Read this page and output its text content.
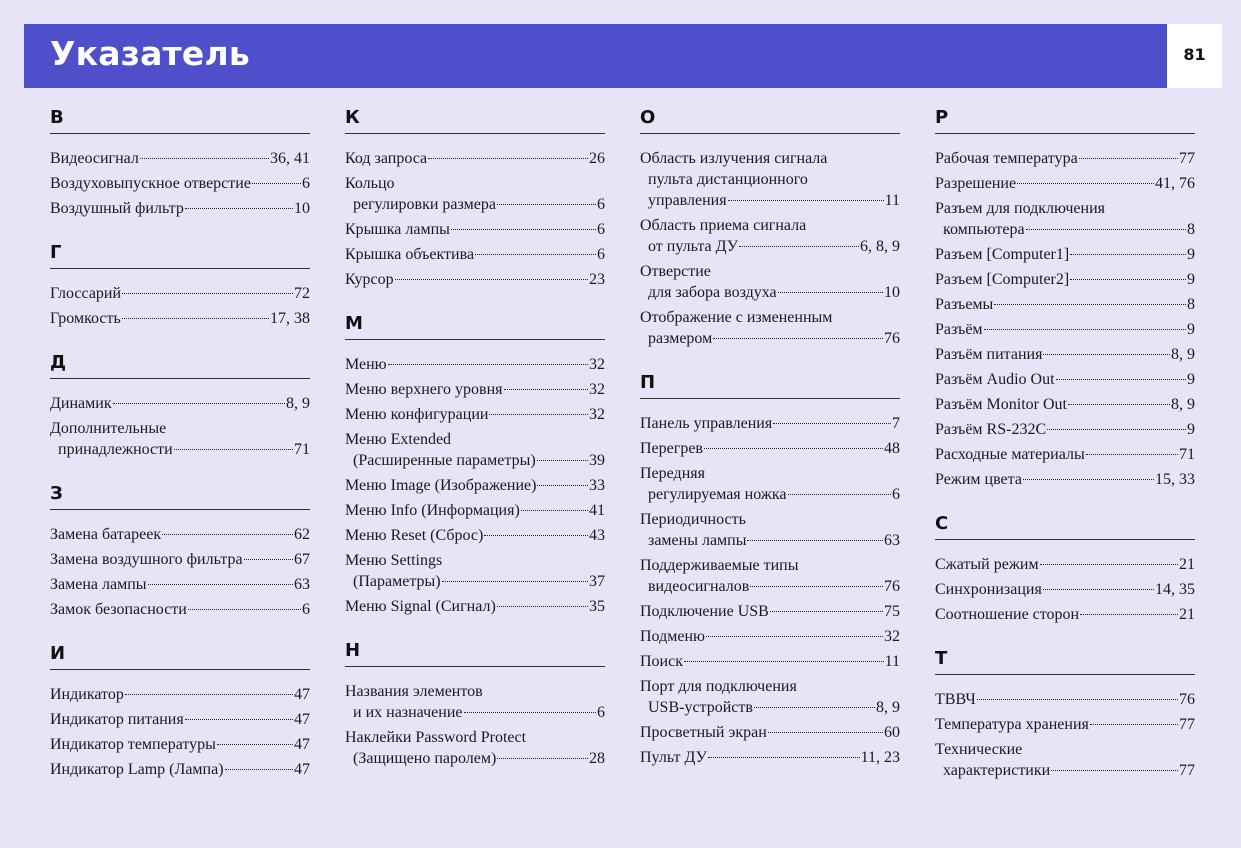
Указатель	81
В
Видеосигнал	36, 41
Воздуховыпускное отверстие	6
Воздушный фильтр	10
Г
Глоссарий	72
Громкость	17, 38
Д
Динамик	8, 9
Дополнительные
принадлежности	71
З
Замена батареек	62
Замена воздушного фильтра	67
Замена лампы	63
Замок безопасности	6
И
Индикатор	47
Индикатор питания	47
Индикатор температуры	47
Индикатор Lamp (Лампа)	47
К
Код запроса	26
Кольцо
регулировки размера	6
Крышка лампы	6
Крышка объектива	6
Курсор	23
М
Меню	32
Меню верхнего уровня	32
Меню конфигурации	32
Меню Extended
(Расширенные параметры)	39
Меню Image (Изображение)	33
Меню Info (Информация)	41
Меню Reset (Сброс)	43
Меню Settings
(Параметры)	37
Меню Signal (Сигнал)	35
Н
Названия элементов
и их назначение	6
Наклейки Password Protect
(Защищено паролем)	28
О
Область излучения сигнала
пульта дистанционного
управления	11
Область приема сигнала
от пульта ДУ	6, 8, 9
Отверстие
для забора воздуха	10
Отображение с измененным
размером	76
П
Панель управления	7
Перегрев	48
Передняя
регулируемая ножка	6
Периодичность
замены лампы	63
Поддерживаемые типы
видеосигналов	76
Подключение USB	75
Подменю	32
Поиск	11
Порт для подключения
USB-устройств	8, 9
Просветный экран	60
Пульт ДУ	11, 23
Р
Рабочая температура	77
Разрешение	41, 76
Разъем для подключения
компьютера	8
Разъем [Computer1]	9
Разъем [Computer2]	9
Разъемы	8
Разъём	9
Разъём питания	8, 9
Разъём Audio Out	9
Разъём Monitor Out	8, 9
Разъём RS-232C	9
Расходные материалы	71
Режим цвета	15, 33
С
Сжатый режим	21
Синхронизация	14, 35
Соотношение сторон	21
Т
ТВВЧ	76
Температура хранения	77
Технические
характеристики	77
